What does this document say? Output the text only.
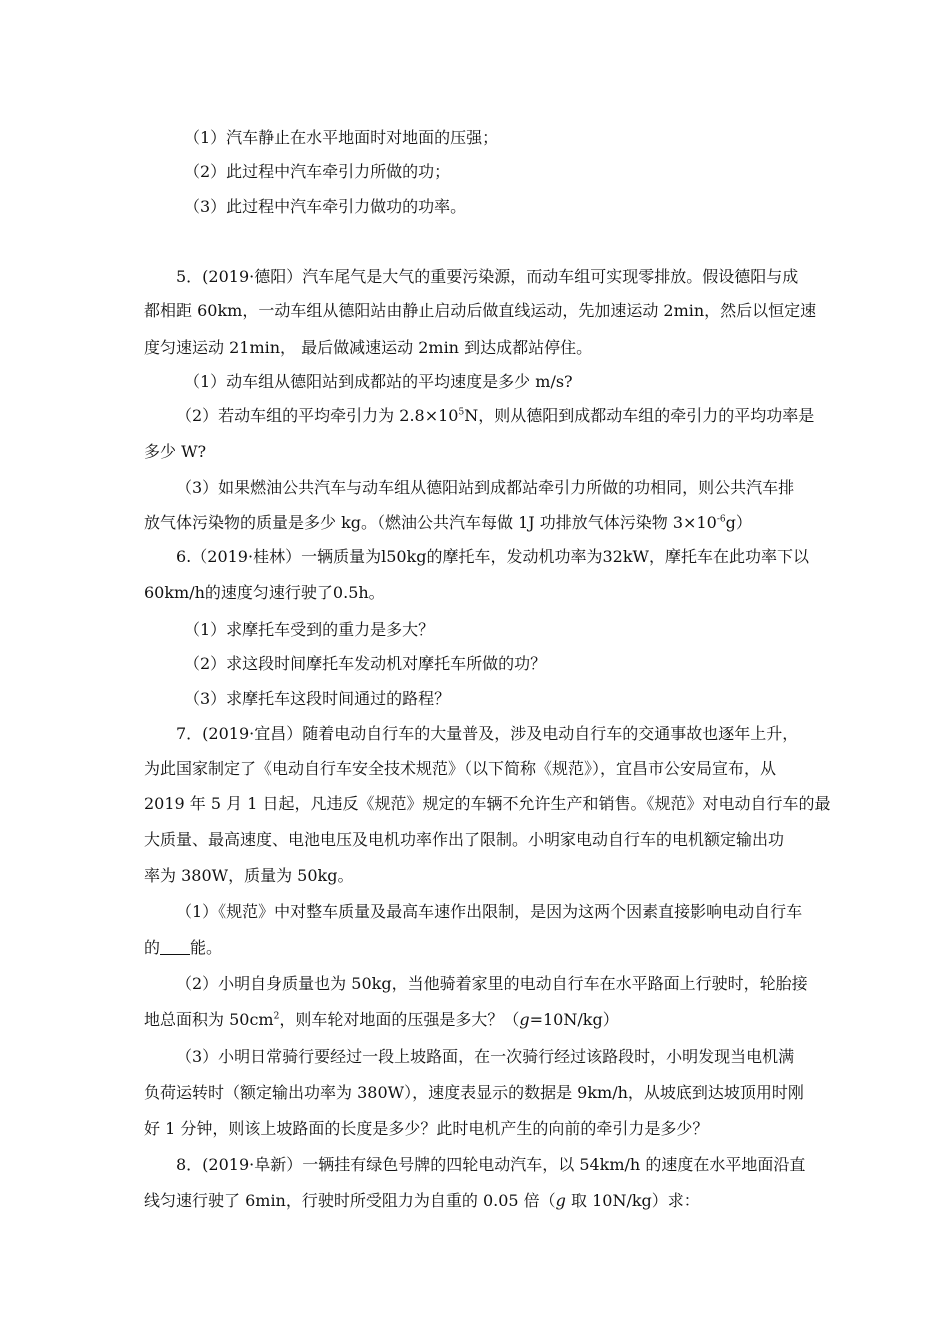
（1）汽车静止在水平地面时对地面的压强；

（2）此过程中汽车牵引力所做的功；

（3）此过程中汽车牵引力做功的功率。

5．(2019·德阳）汽车尾气是大气的重要污染源，而动车组可实现零排放。假设德阳与成

都相距 60km，一动车组从德阳站由静止启动后做直线运动，先加速运动 2min，然后以恒定速

度匀速运动 21min， 最后做减速运动 2min 到达成都站停住。

（1）动车组从德阳站到成都站的平均速度是多少 m/s?

（2）若动车组的平均牵引力为 $2.8\times 10^5N$，则从德阳到成都动车组的牵引力的平均功率是

多少 W?

（3）如果燃油公共汽车与动车组从德阳站到成都站牵引力所做的功相同，则公共汽车排

放气体污染物的质量是多少 kg。（燃油公共汽车每做 1J 功排放气体污染物 $3\times 10^{-6}g$）

6.（2019·桂林）一辆质量为l50kg的摩托车，发动机功率为32kW，摩托车在此功率下以

60km/h的速度匀速行驶了0.5h。

（1）求摩托车受到的重力是多大？

（2）求这段时间摩托车发动机对摩托车所做的功？

（3）求摩托车这段时间通过的路程？

7．(2019·宜昌）随着电动自行车的大量普及，涉及电动自行车的交通事故也逐年上升，

为此国家制定了《电动自行车安全技术规范》（以下简称《规范》），宜昌市公安局宣布，从

2019 年 5 月 1 日起，凡违反《规范》规定的车辆不允许生产和销售。《规范》对电动自行车的最

大质量、最高速度、电池电压及电机功率作出了限制。小明家电动自行车的电机额定输出功

率为 380W，质量为 50kg。

（1）《规范》中对整车质量及最高车速作出限制，是因为这两个因素直接影响电动自行车

的 能。

（2）小明自身质量也为 50kg，当他骑着家里的电动自行车在水平路面上行驶时，轮胎接

地总面积为 $50cm^2$，则车轮对地面的压强是多大？（g=10N/kg）

（3）小明日常骑行要经过一段上坡路面，在一次骑行经过该路段时，小明发现当电机满

负荷运转时（额定输出功率为 380W），速度表显示的数据是 9km/h，从坡底到达坡顶用时刚

好 1 分钟，则该上坡路面的长度是多少？此时电机产生的向前的牵引力是多少？

8．(2019·阜新）一辆挂有绿色号牌的四轮电动汽车，以 54km/h 的速度在水平地面沿直

线匀速行驶了 6min，行驶时所受阻力为自重的 0.05 倍（g 取 10N/kg）求：
